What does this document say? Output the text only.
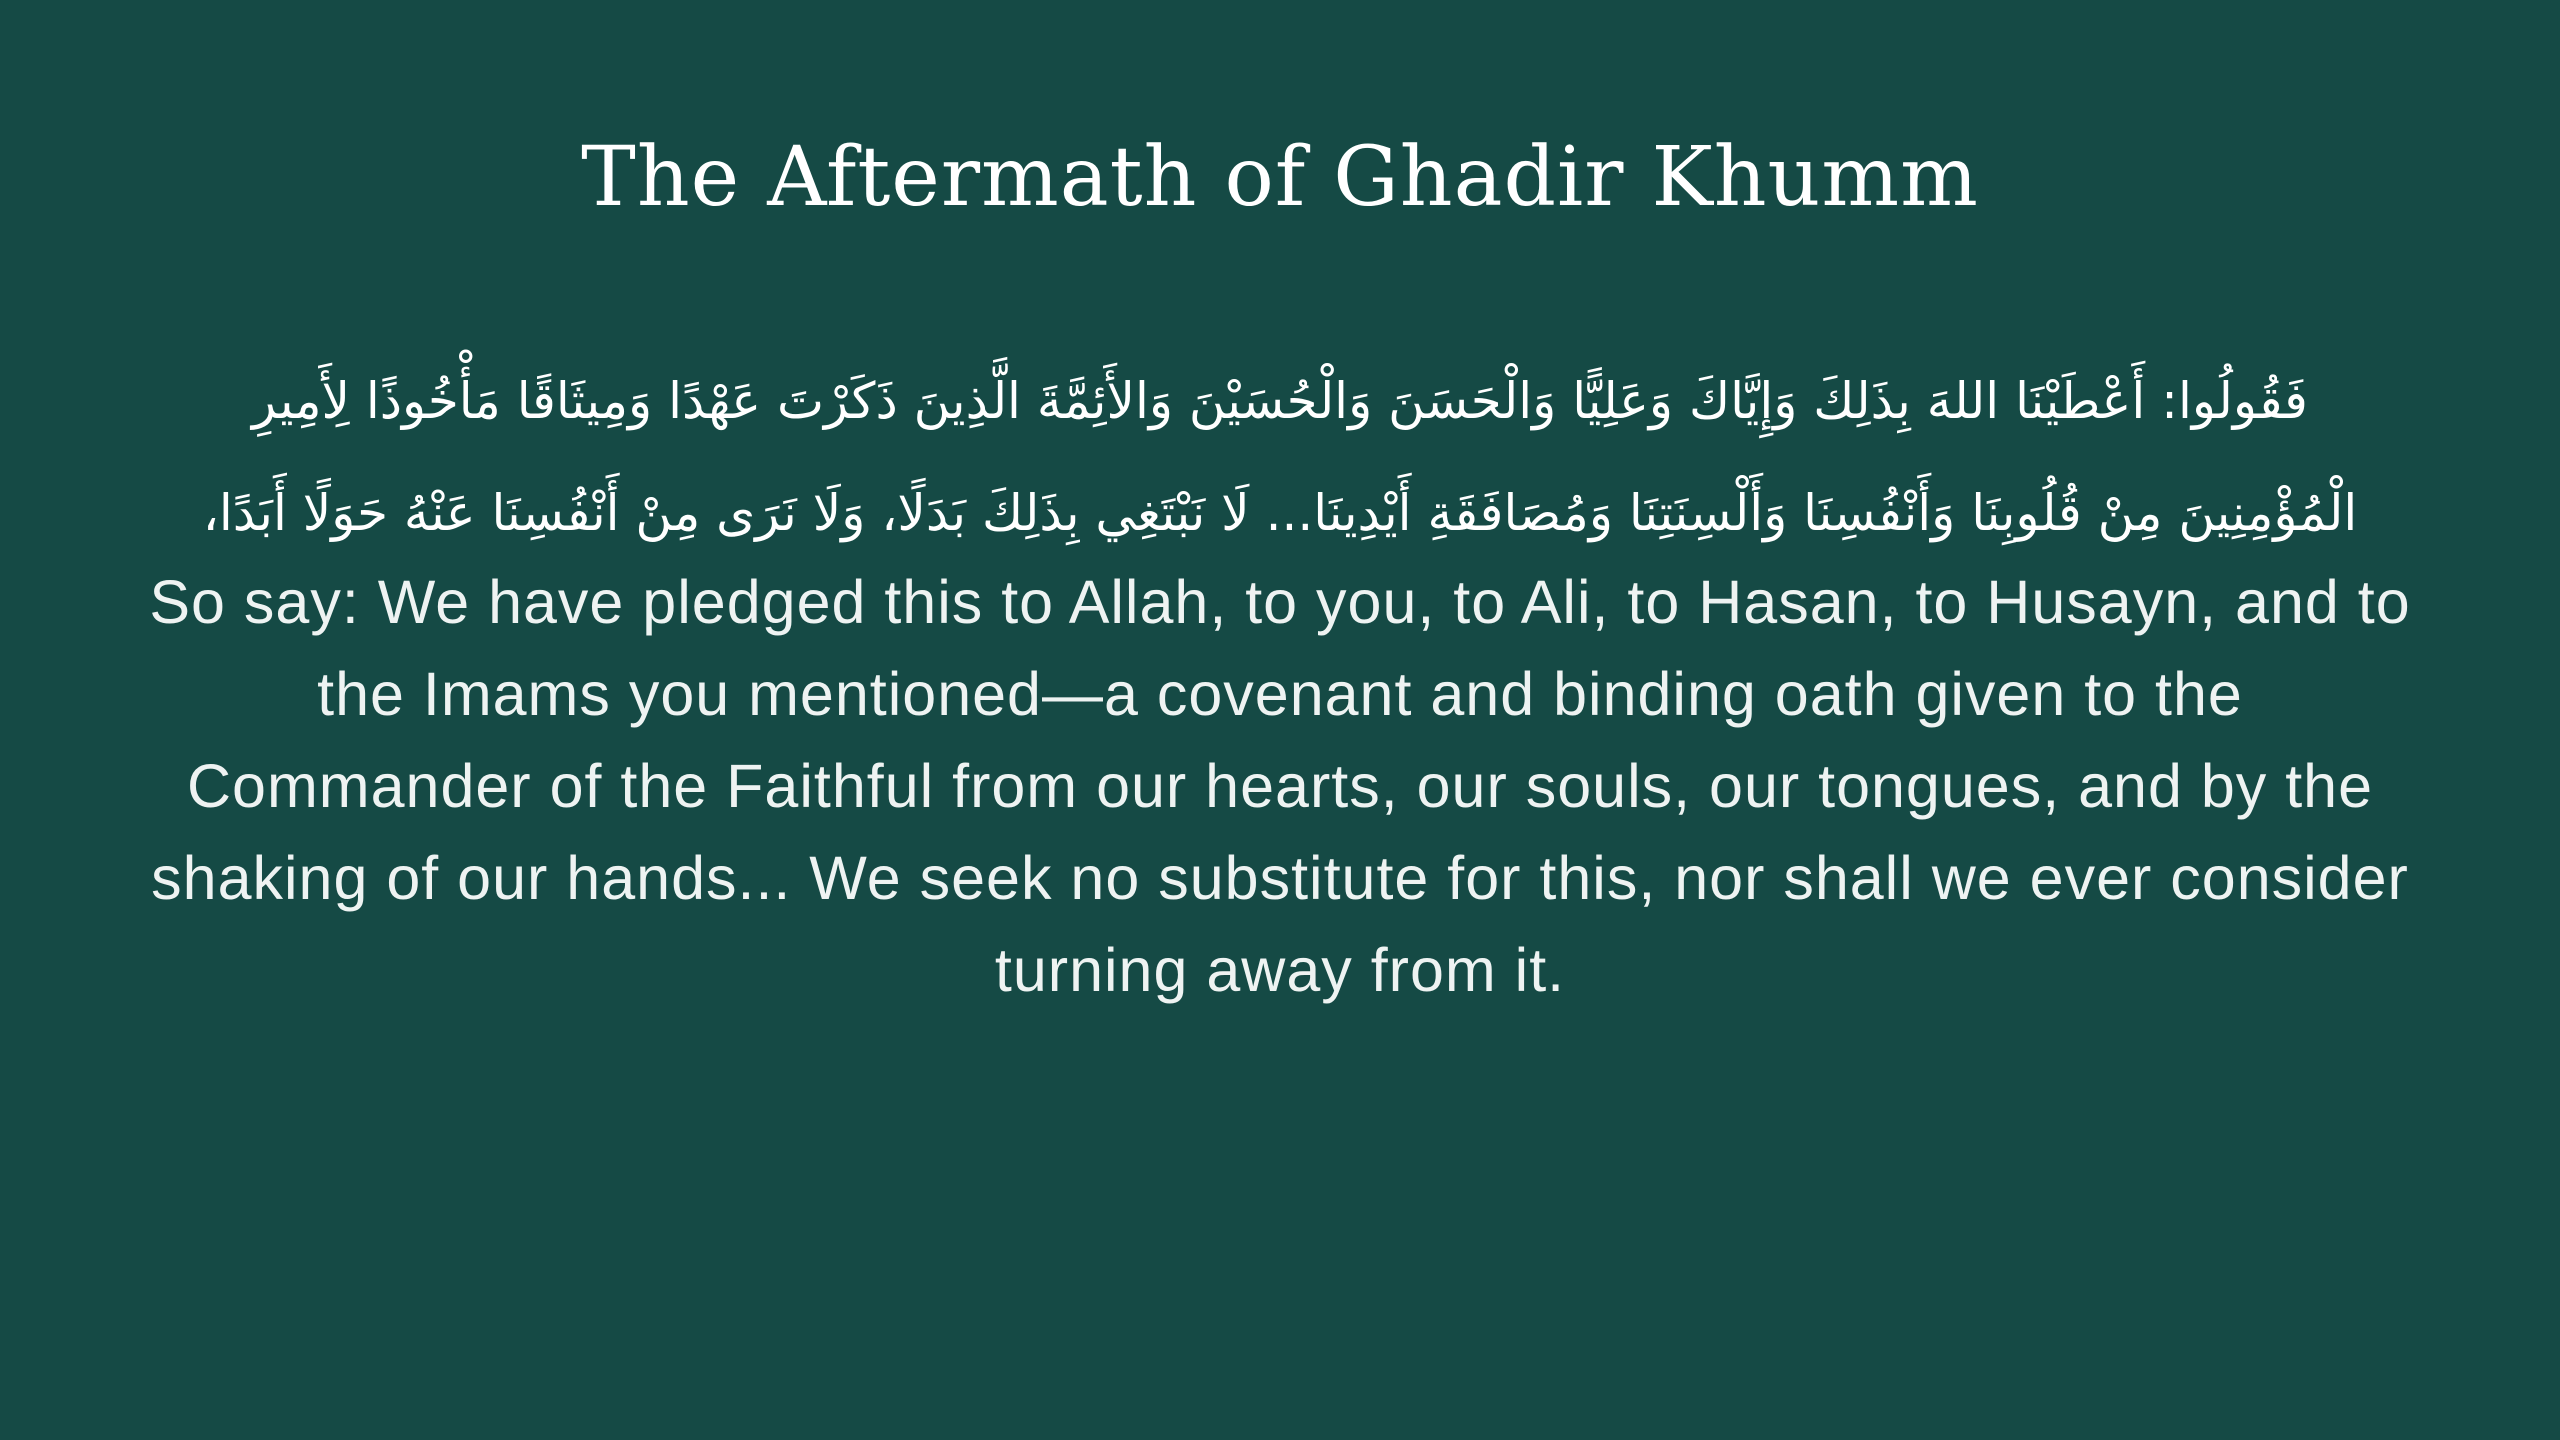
The Aftermath of Ghadir Khumm

فَقُولُوا: أَعْطَيْنَا اللهَ بِذَلِكَ وَإِيَّاكَ وَعَلِيًّا وَالْحَسَنَ وَالْحُسَيْنَ وَالأَئِمَّةَ الَّذِينَ ذَكَرْتَ عَهْدًا وَمِيثَاقًا مَأْخُوذًا لِأَمِيرِ الْمُؤْمِنِينَ مِنْ قُلُوبِنَا وَأَنْفُسِنَا وَأَلْسِنَتِنَا وَمُصَافَقَةِ أَيْدِينَا... لَا نَبْتَغِي بِذَلِكَ بَدَلًا، وَلَا نَرَى مِنْ أَنْفُسِنَا عَنْهُ حَوَلًا أَبَدًا،

So say: We have pledged this to Allah, to you, to Ali, to Hasan, to Husayn, and to the Imams you mentioned—a covenant and binding oath given to the Commander of the Faithful from our hearts, our souls, our tongues, and by the shaking of our hands... We seek no substitute for this, nor shall we ever consider turning away from it.
